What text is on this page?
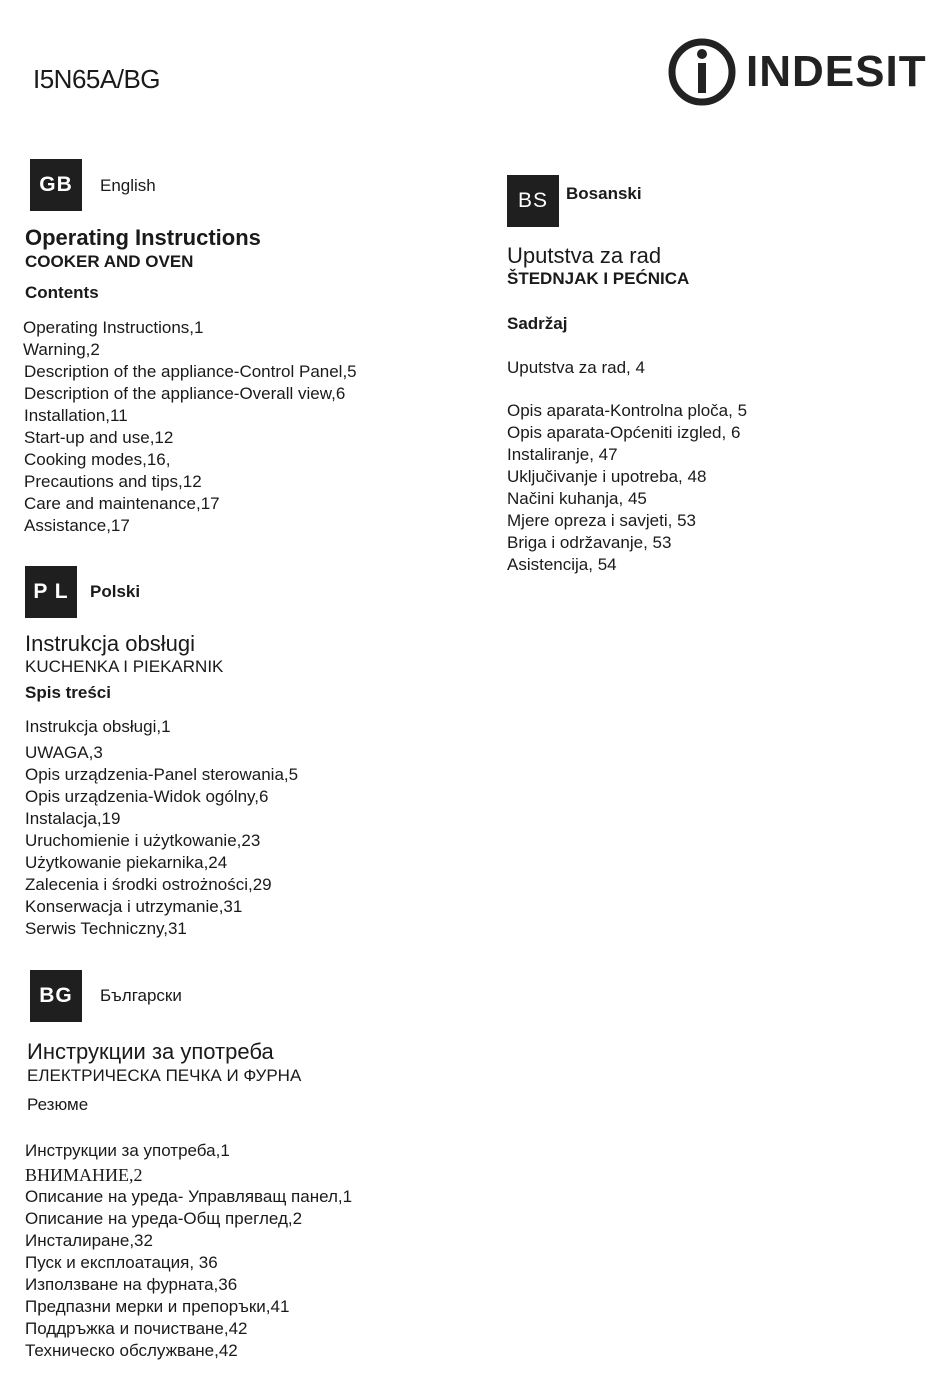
I5N65A/BG	INDESIT
GB	English
Operating Instructions
COOKER AND OVEN
Contents
Operating Instructions,1
Warning,2
Description of the appliance-Control Panel,5
Description of the appliance-Overall view,6
Installation,11
Start-up and use,12
Cooking modes,16,
Precautions and tips,12
Care and maintenance,17
Assistance,17
P L	Polski
Instrukcja obsługi
KUCHENKA I PIEKARNIK
Spis treści
Instrukcja obsługi,1
UWAGA,3
Opis urządzenia-Panel sterowania,5
Opis urządzenia-Widok ogólny,6
Instalacja,19
Uruchomienie i użytkowanie,23
Użytkowanie piekarnika,24
Zalecenia i środki ostrożności,29
Konserwacja i utrzymanie,31
Serwis Techniczny,31
BG	Български
Инструкции за употреба
ЕЛЕКТРИЧЕСКА ПЕЧКА И ФУРНА
Резюме
Инструкции за употреба,1
ВНИМАНИЕ,2
Описание на уреда- Управляващ панел,1
Описание на уреда-Общ преглед,2
Инсталиране,32
Пуск и експлоатация, 36
Използване на фурната,36
Предпазни мерки и препоръки,41
Поддръжка и почистване,42
Техническо обслужване,42
BS	Bosanski
Uputstva za rad
ŠTEDNJAK I PEĆNICA
Sadržaj
Uputstva za rad, 4
Opis aparata-Kontrolna ploča, 5
Opis aparata-Općeniti izgled, 6
Instaliranje, 47
Uključivanje i upotreba, 48
Načini kuhanja, 45
Mjere opreza i savjeti, 53
Briga i održavanje, 53
Asistencija, 54
